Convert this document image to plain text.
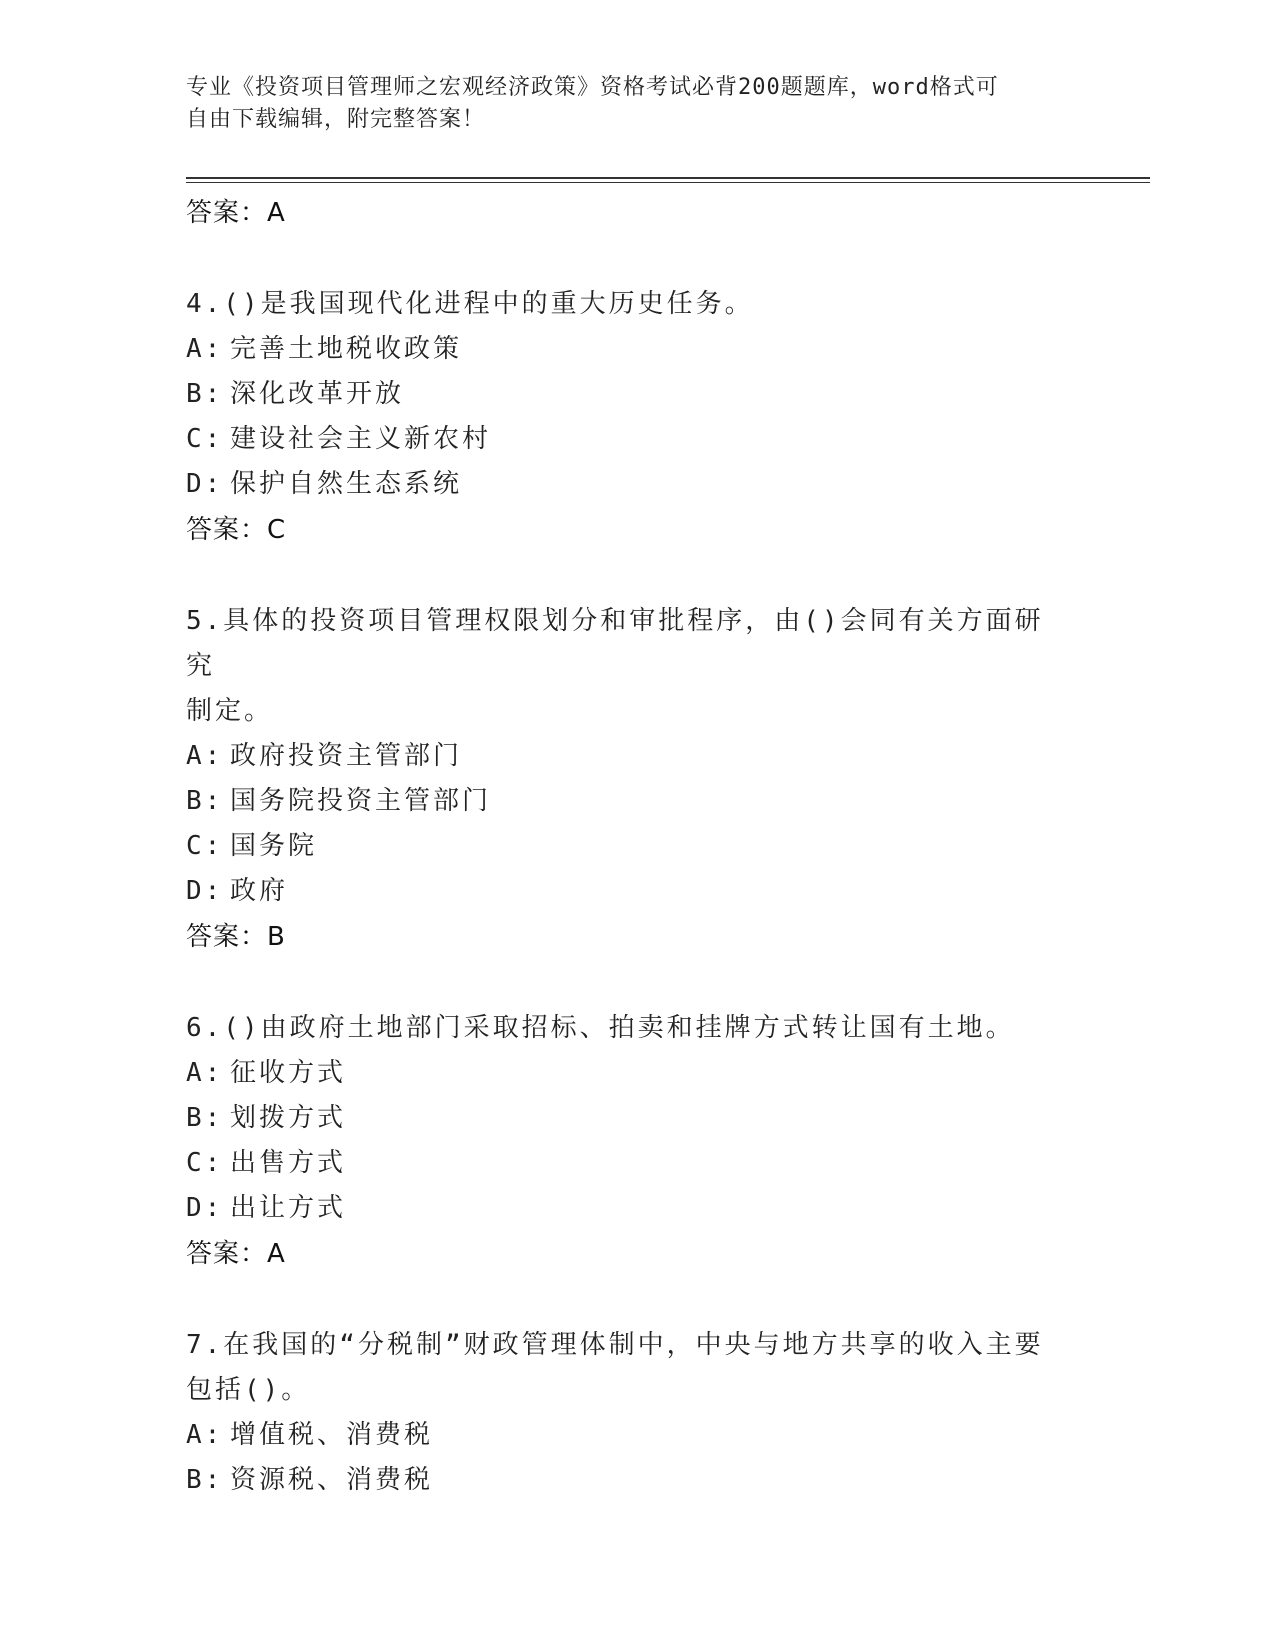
专业《投资项目管理师之宏观经济政策》资格考试必背200题题库，word格式可
自由下载编辑，附完整答案！
答案：A
4.()是我国现代化进程中的重大历史任务。
A: 完善土地税收政策
B: 深化改革开放
C: 建设社会主义新农村
D: 保护自然生态系统
答案：C
5.具体的投资项目管理权限划分和审批程序，由()会同有关方面研究
制定。
A: 政府投资主管部门
B: 国务院投资主管部门
C: 国务院
D: 政府
答案：B
6.()由政府土地部门采取招标、拍卖和挂牌方式转让国有土地。
A: 征收方式
B: 划拨方式
C: 出售方式
D: 出让方式
答案：A
7.在我国的“分税制”财政管理体制中，中央与地方共享的收入主要
包括()。
A: 增值税、消费税
B: 资源税、消费税
